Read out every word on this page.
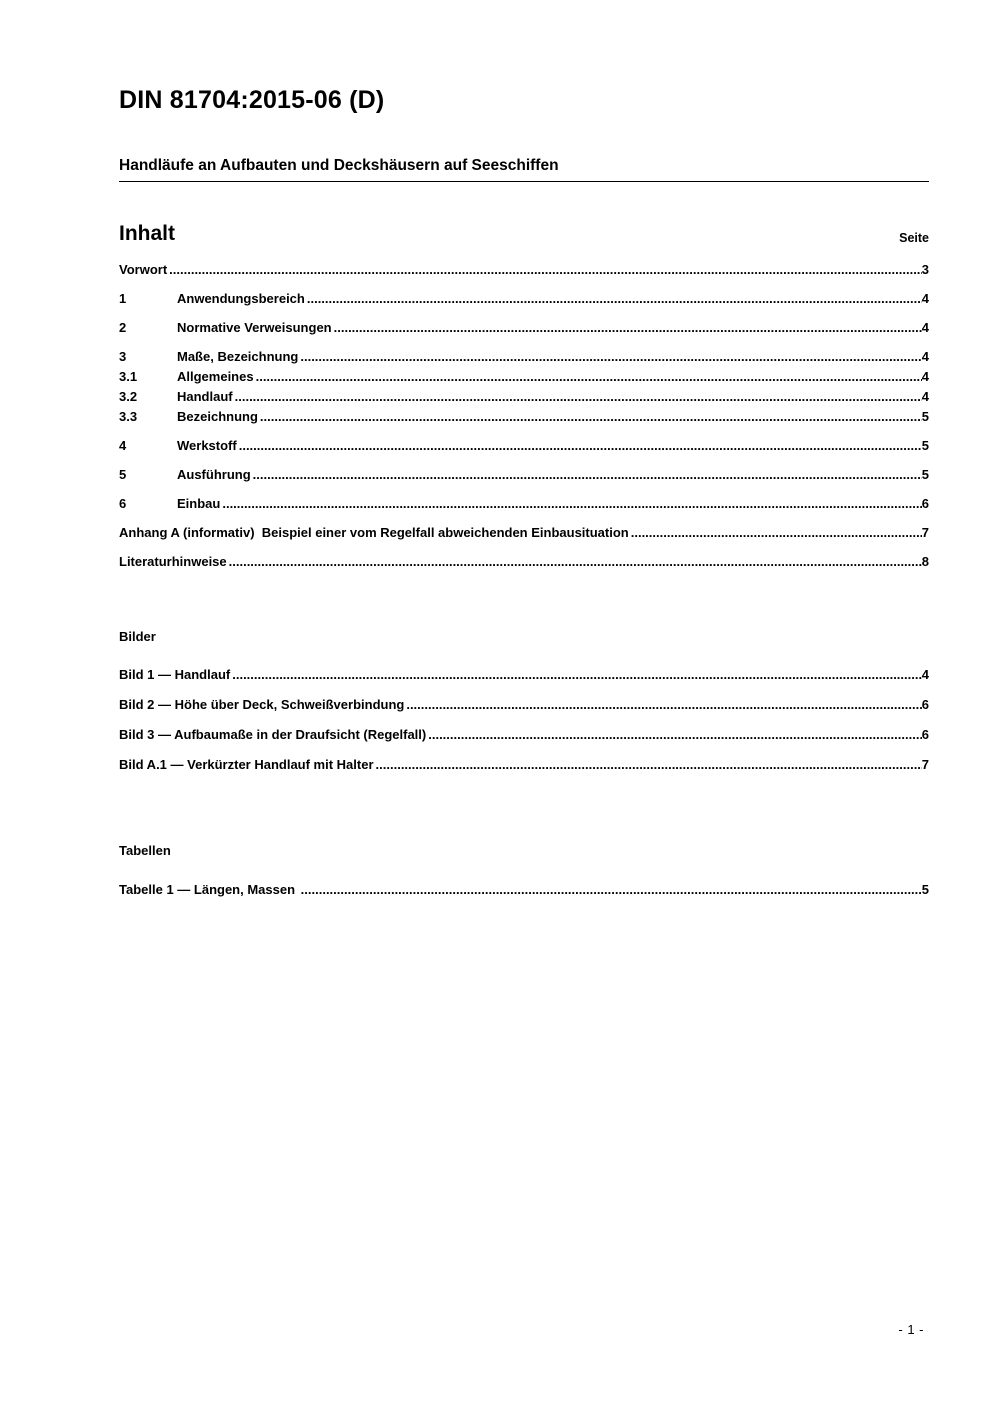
DIN 81704:2015-06 (D)
Handläufe an Aufbauten und Deckshäusern auf Seeschiffen
Inhalt	Seite
Vorwort .....	3
1	Anwendungsbereich .....	4
2	Normative Verweisungen .....	4
3	Maße, Bezeichnung .....	4
3.1	Allgemeines .....	4
3.2	Handlauf .....	4
3.3	Bezeichnung .....	5
4	Werkstoff .....	5
5	Ausführung .....	5
6	Einbau .....	6
Anhang A (informativ)  Beispiel einer vom Regelfall abweichenden Einbausituation .....	7
Literaturhinweise .....	8
Bilder
Bild 1 — Handlauf .....	4
Bild 2 — Höhe über Deck, Schweißverbindung .....	6
Bild 3 — Aufbaumaße in der Draufsicht (Regelfall) .....	6
Bild A.1 — Verkürzter Handlauf mit Halter .....	7
Tabellen
Tabelle 1 — Längen, Massen .....	5
- 1 -
